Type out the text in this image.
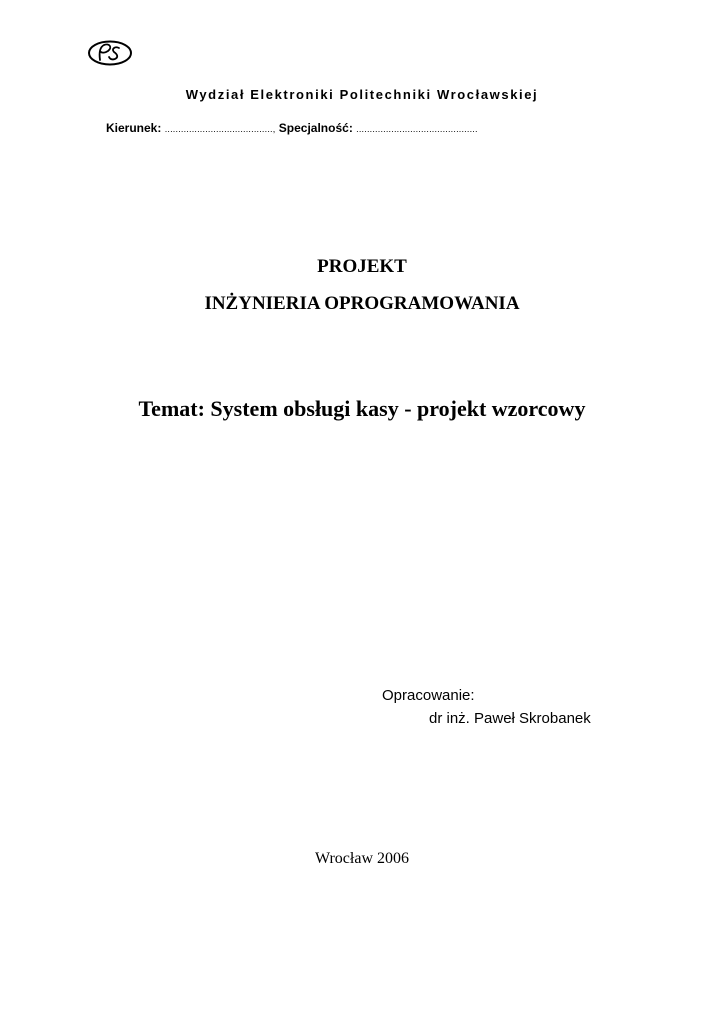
Wydział Elektroniki Politechniki Wrocławskiej
Kierunek: ........................................, Specjalność: .............................................
PROJEKT
INŻYNIERIA OPROGRAMOWANIA
Temat: System obsługi kasy - projekt wzorcowy
Opracowanie:
dr inż. Paweł Skrobanek
Wrocław 2006
